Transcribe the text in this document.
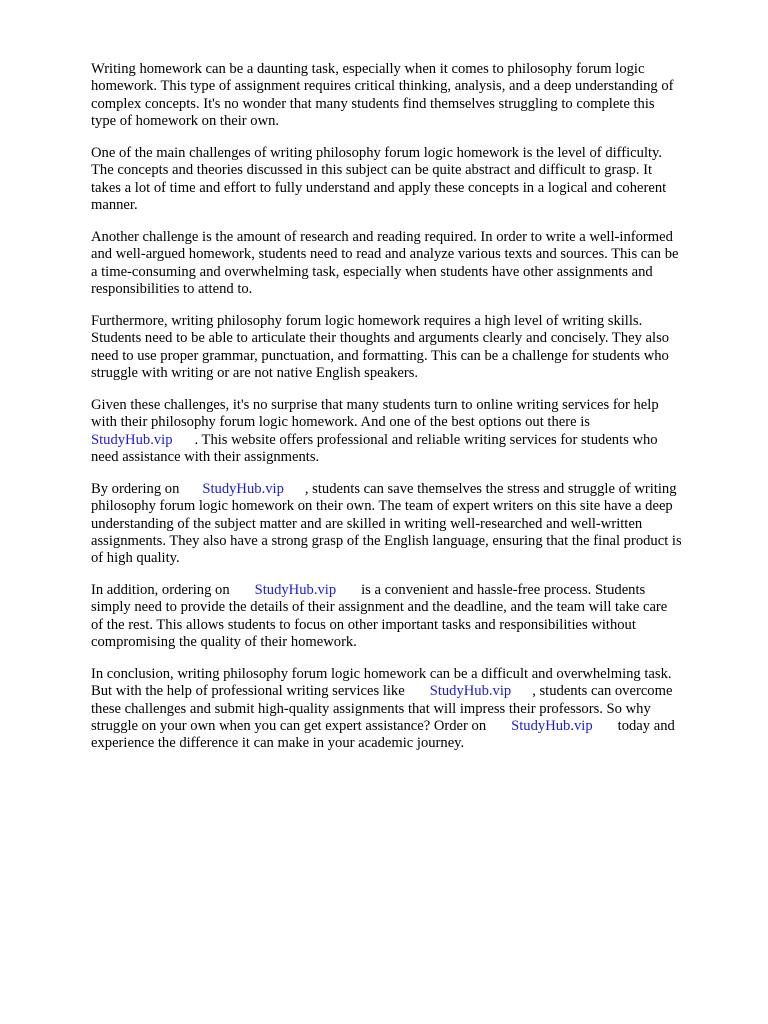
Writing homework can be a daunting task, especially when it comes to philosophy forum logic
homework. This type of assignment requires critical thinking, analysis, and a deep understanding of
complex concepts. It's no wonder that many students find themselves struggling to complete this
type of homework on their own.

One of the main challenges of writing philosophy forum logic homework is the level of difficulty.
The concepts and theories discussed in this subject can be quite abstract and difficult to grasp. It
takes a lot of time and effort to fully understand and apply these concepts in a logical and coherent
manner.

Another challenge is the amount of research and reading required. In order to write a well-informed
and well-argued homework, students need to read and analyze various texts and sources. This can be
a time-consuming and overwhelming task, especially when students have other assignments and
responsibilities to attend to.

Furthermore, writing philosophy forum logic homework requires a high level of writing skills.
Students need to be able to articulate their thoughts and arguments clearly and concisely. They also
need to use proper grammar, punctuation, and formatting. This can be a challenge for students who
struggle with writing or are not native English speakers.

Given these challenges, it's no surprise that many students turn to online writing services for help
with their philosophy forum logic homework. And one of the best options out there is
StudyHub.vip . This website offers professional and reliable writing services for students who
need assistance with their assignments.

By ordering on StudyHub.vip , students can save themselves the stress and struggle of writing
philosophy forum logic homework on their own. The team of expert writers on this site have a deep
understanding of the subject matter and are skilled in writing well-researched and well-written
assignments. They also have a strong grasp of the English language, ensuring that the final product is
of high quality.

In addition, ordering on StudyHub.vip is a convenient and hassle-free process. Students
simply need to provide the details of their assignment and the deadline, and the team will take care
of the rest. This allows students to focus on other important tasks and responsibilities without
compromising the quality of their homework.

In conclusion, writing philosophy forum logic homework can be a difficult and overwhelming task.
But with the help of professional writing services like StudyHub.vip , students can overcome
these challenges and submit high-quality assignments that will impress their professors. So why
struggle on your own when you can get expert assistance? Order on StudyHub.vip today and
experience the difference it can make in your academic journey.
